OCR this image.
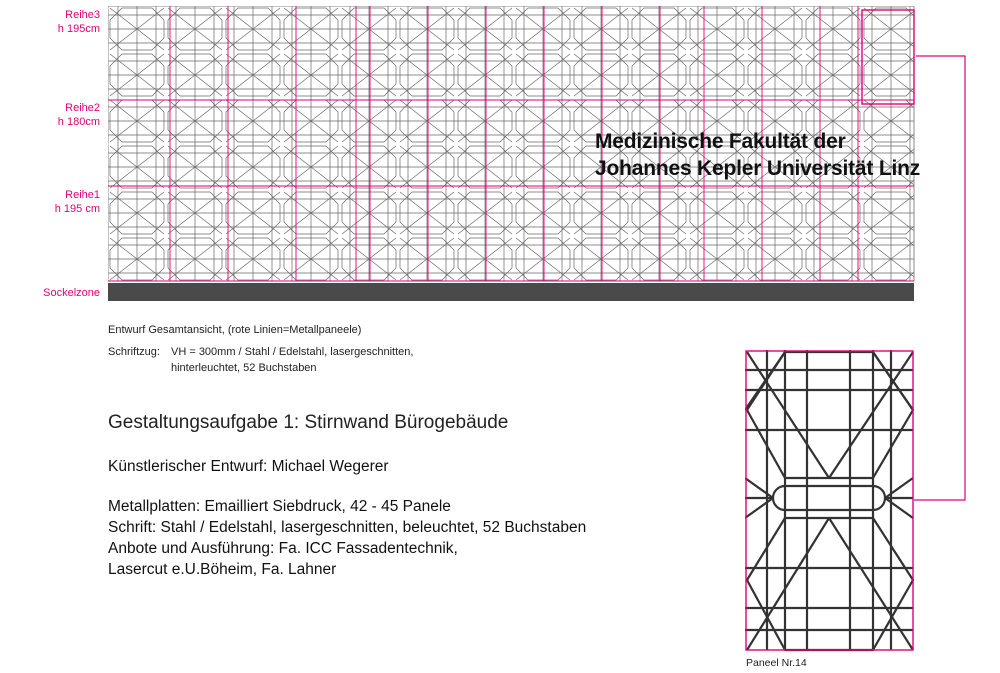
Reihe3
h 195cm
Reihe2
h 180cm
Reihe1
h 195 cm
Sockelzone
Medizinische Fakultät der
Johannes Kepler Universität Linz
Entwurf Gesamtansicht, (rote Linien=Metallpaneele)
Schriftzug: VH = 300mm / Stahl / Edelstahl, lasergeschnitten,
hinterleuchtet, 52 Buchstaben
Gestaltungsaufgabe 1: Stirnwand Bürogebäude
Künstlerischer Entwurf: Michael Wegerer
Metallplatten: Emailliert Siebdruck, 42 - 45 Panele
Schrift: Stahl / Edelstahl, lasergeschnitten, beleuchtet, 52 Buchstaben
Anbote und Ausführung: Fa. ICC Fassadentechnik,
Lasercut e.U.Böheim, Fa. Lahner
Paneel Nr.14
